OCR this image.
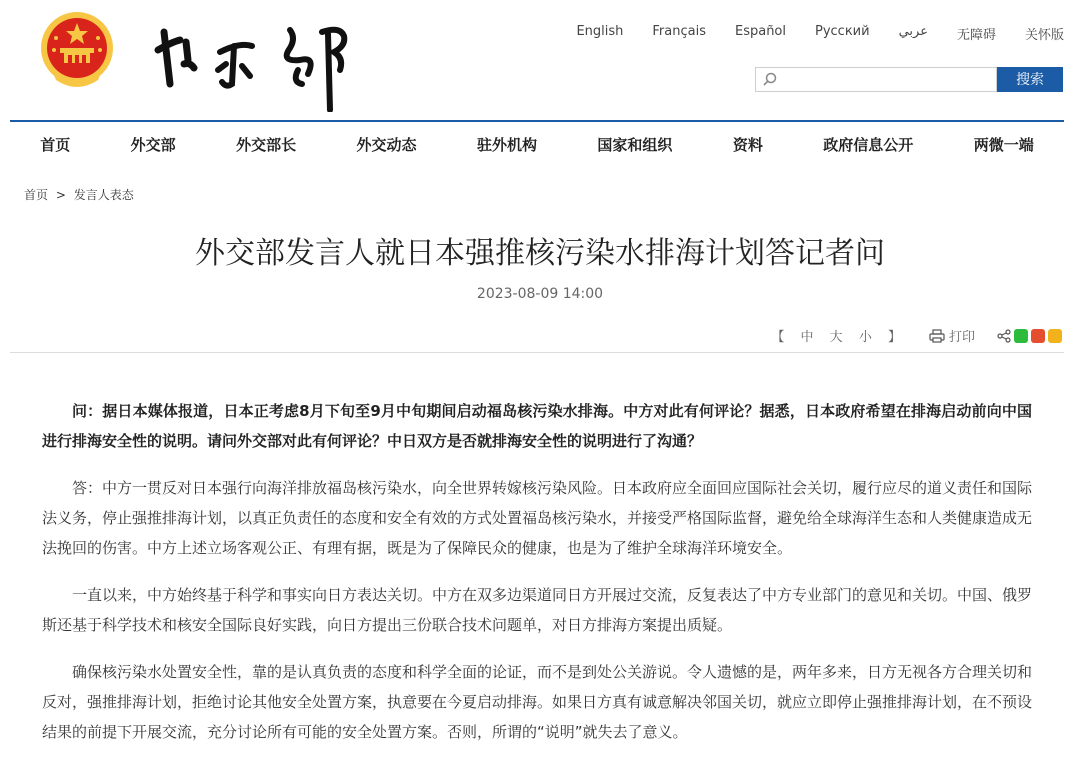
English Français Español Русский عربي 无障碍 关怀版
搜索
首页	外交部	外交部长	外交动态	驻外机构	国家和组织	资料	政府信息公开	两微一端
首页 > 发言人表态
外交部发言人就日本强推核污染水排海计划答记者问
2023-08-09 14:00
【 中 大 小 】	打印

问：据日本媒体报道，日本正考虑8月下旬至9月中旬期间启动福岛核污染水排海。中方对此有何评论？据悉，日本政府希望在排海启动前向中国进行排海安全性的说明。请问外交部对此有何评论？中日双方是否就排海安全性的说明进行了沟通？

答：中方一贯反对日本强行向海洋排放福岛核污染水，向全世界转嫁核污染风险。日本政府应全面回应国际社会关切，履行应尽的道义责任和国际法义务，停止强推排海计划，以真正负责任的态度和安全有效的方式处置福岛核污染水，并接受严格国际监督，避免给全球海洋生态和人类健康造成无法挽回的伤害。中方上述立场客观公正、有理有据，既是为了保障民众的健康，也是为了维护全球海洋环境安全。

一直以来，中方始终基于科学和事实向日方表达关切。中方在双多边渠道同日方开展过交流，反复表达了中方专业部门的意见和关切。中国、俄罗斯还基于科学技术和核安全国际良好实践，向日方提出三份联合技术问题单，对日方排海方案提出质疑。

确保核污染水处置安全性，靠的是认真负责的态度和科学全面的论证，而不是到处公关游说。令人遗憾的是，两年多来，日方无视各方合理关切和反对，强推排海计划，拒绝讨论其他安全处置方案，执意要在今夏启动排海。如果日方真有诚意解决邻国关切，就应立即停止强推排海计划，在不预设结果的前提下开展交流，充分讨论所有可能的安全处置方案。否则，所谓的“说明”就失去了意义。
